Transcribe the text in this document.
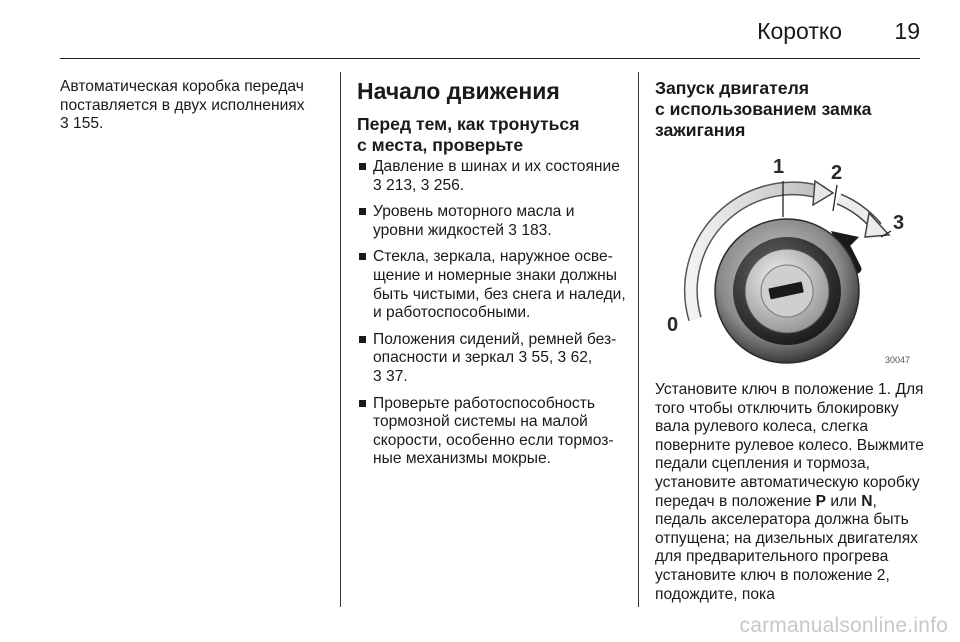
Коротко 19

Автоматическая коробка передач поставляется в двух исполнениях 3 155.

Начало движения
Перед тем, как тронуться
с места, проверьте
Давление в шинах и их состояние 3 213, 3 256.
Уровень моторного масла и уровни жидкостей 3 183.
Стекла, зеркала, наружное освещение и номерные знаки должны быть чистыми, без снега и наледи, и работоспособными.
Положения сидений, ремней безопасности и зеркал 3 55, 3 62, 3 37.
Проверьте работоспособность тормозной системы на малой скорости, особенно если тормозные механизмы мокрые.
Запуск двигателя
с использованием замка
зажигания
0
1 2
3
30047

Установите ключ в положение 1. Для того чтобы отключить блокировку вала рулевого колеса, слегка поверните рулевое колесо. Выжмите педали сцепления и тормоза, установите автоматическую коробку передач в положение P или N, педаль акселератора должна быть отпущена; на дизельных двигателях для предварительного прогрева установите ключ в положение 2, подождите, пока

carmanualsonline.info
